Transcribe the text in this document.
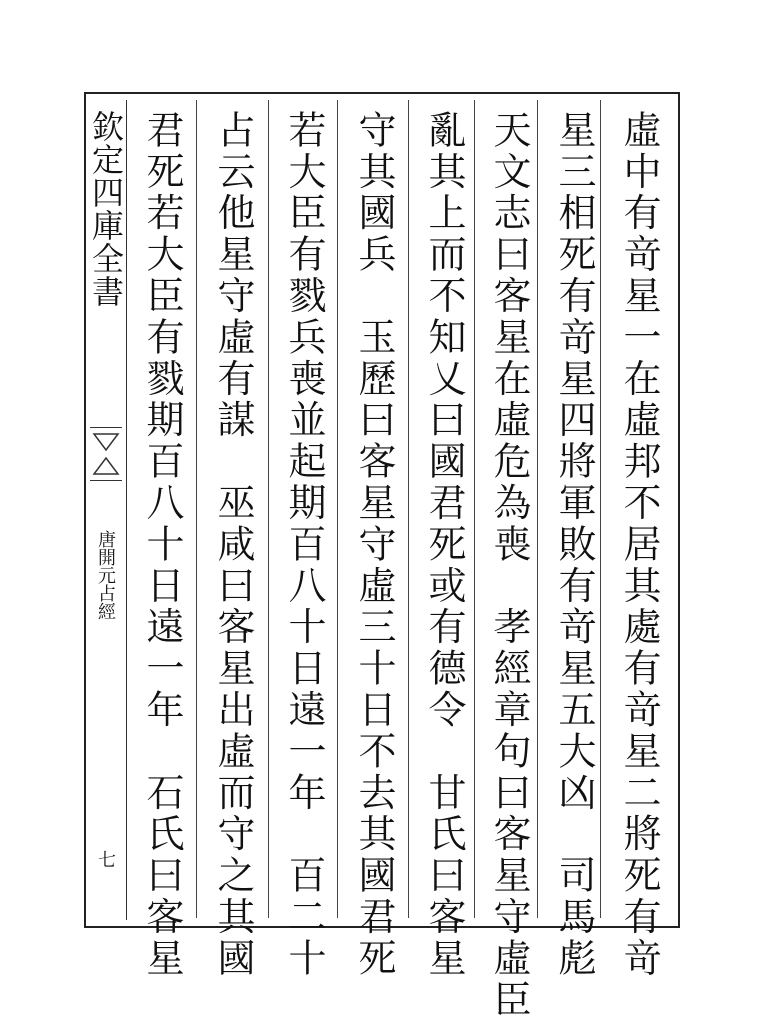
欽定四庫全書
唐開元占經
七	虛中有竒星一在虛邦不居其處有竒星二將死有竒
星三相死有竒星四將軍敗有竒星五大凶　司馬彪
天文志曰客星在虛危為喪　孝經章句曰客星守虛臣
亂其上而不知乂曰國君死或有德令　甘氏曰客星
守其國兵　玉歷曰客星守虛三十日不去其國君死
若大臣有戮兵喪並起期百八十日遠一年　百二十
占云他星守虛有謀　巫咸曰客星出虛而守之其國
君死若大臣有戮期百八十日遠一年　石氏曰客星
